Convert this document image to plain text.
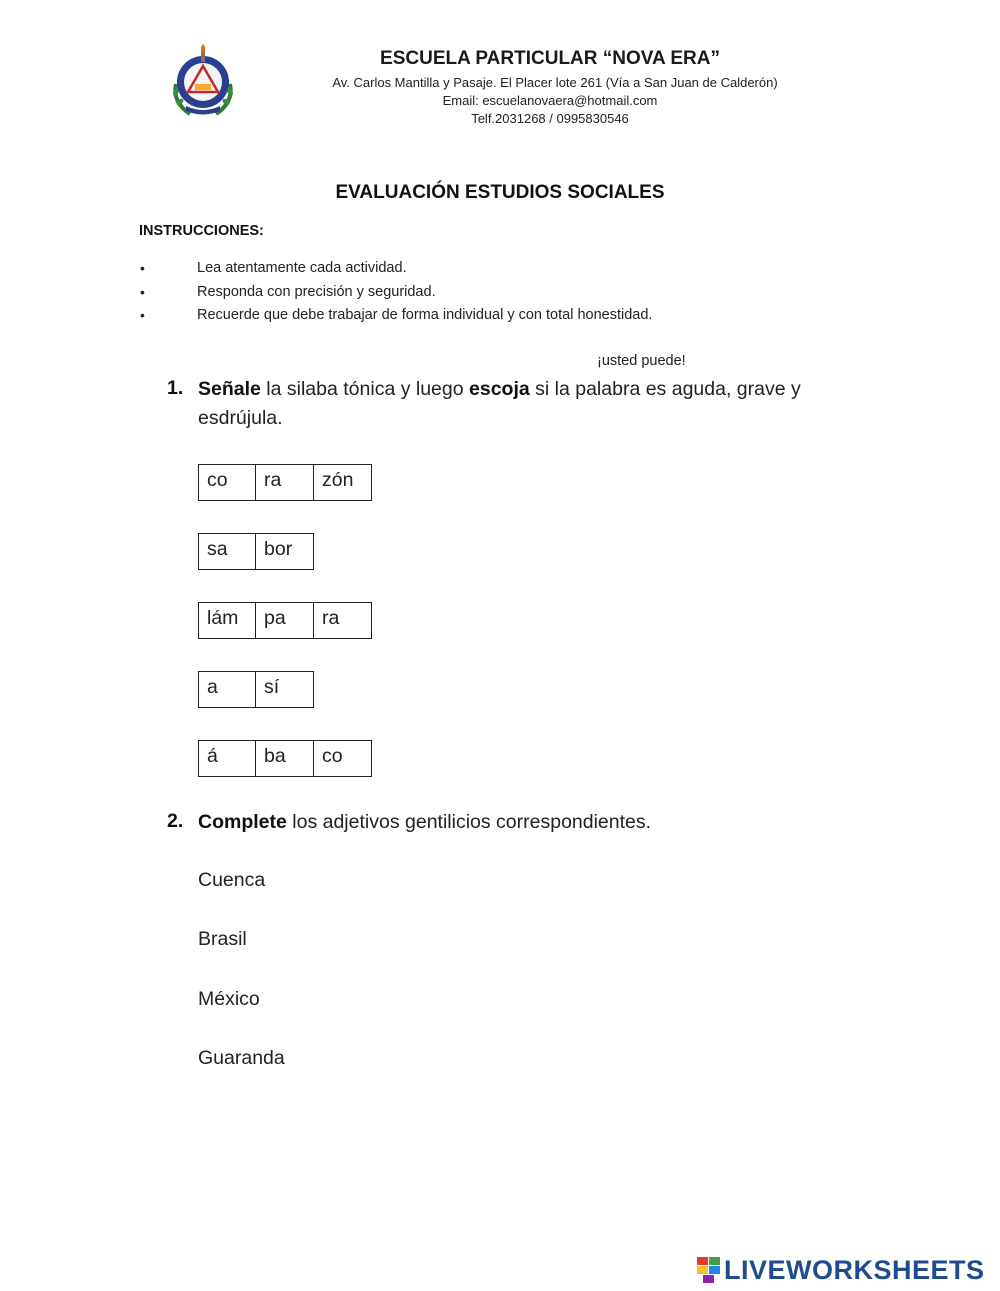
ESCUELA PARTICULAR “NOVA ERA”
Av. Carlos Mantilla y Pasaje. El Placer lote 261 (Vía a San Juan de Calderón)
Email: escuelanovaera@hotmail.com
Telf.2031268 / 0995830546
EVALUACIÓN ESTUDIOS SOCIALES
INSTRUCCIONES:
•	Lea atentamente cada actividad.
•	Responda con precisión y seguridad.
•	Recuerde que debe trabajar de forma individual y con total honestidad.
¡usted puede!
1. Señale la silaba tónica y luego escoja si la palabra es aguda, grave y
esdrújula.
co	ra	zón
sa	bor
lám	pa	ra
a	sí
á	ba	co
2. Complete los adjetivos gentilicios correspondientes.
Cuenca
Brasil
México
Guaranda
LIVEWORKSHEETS
